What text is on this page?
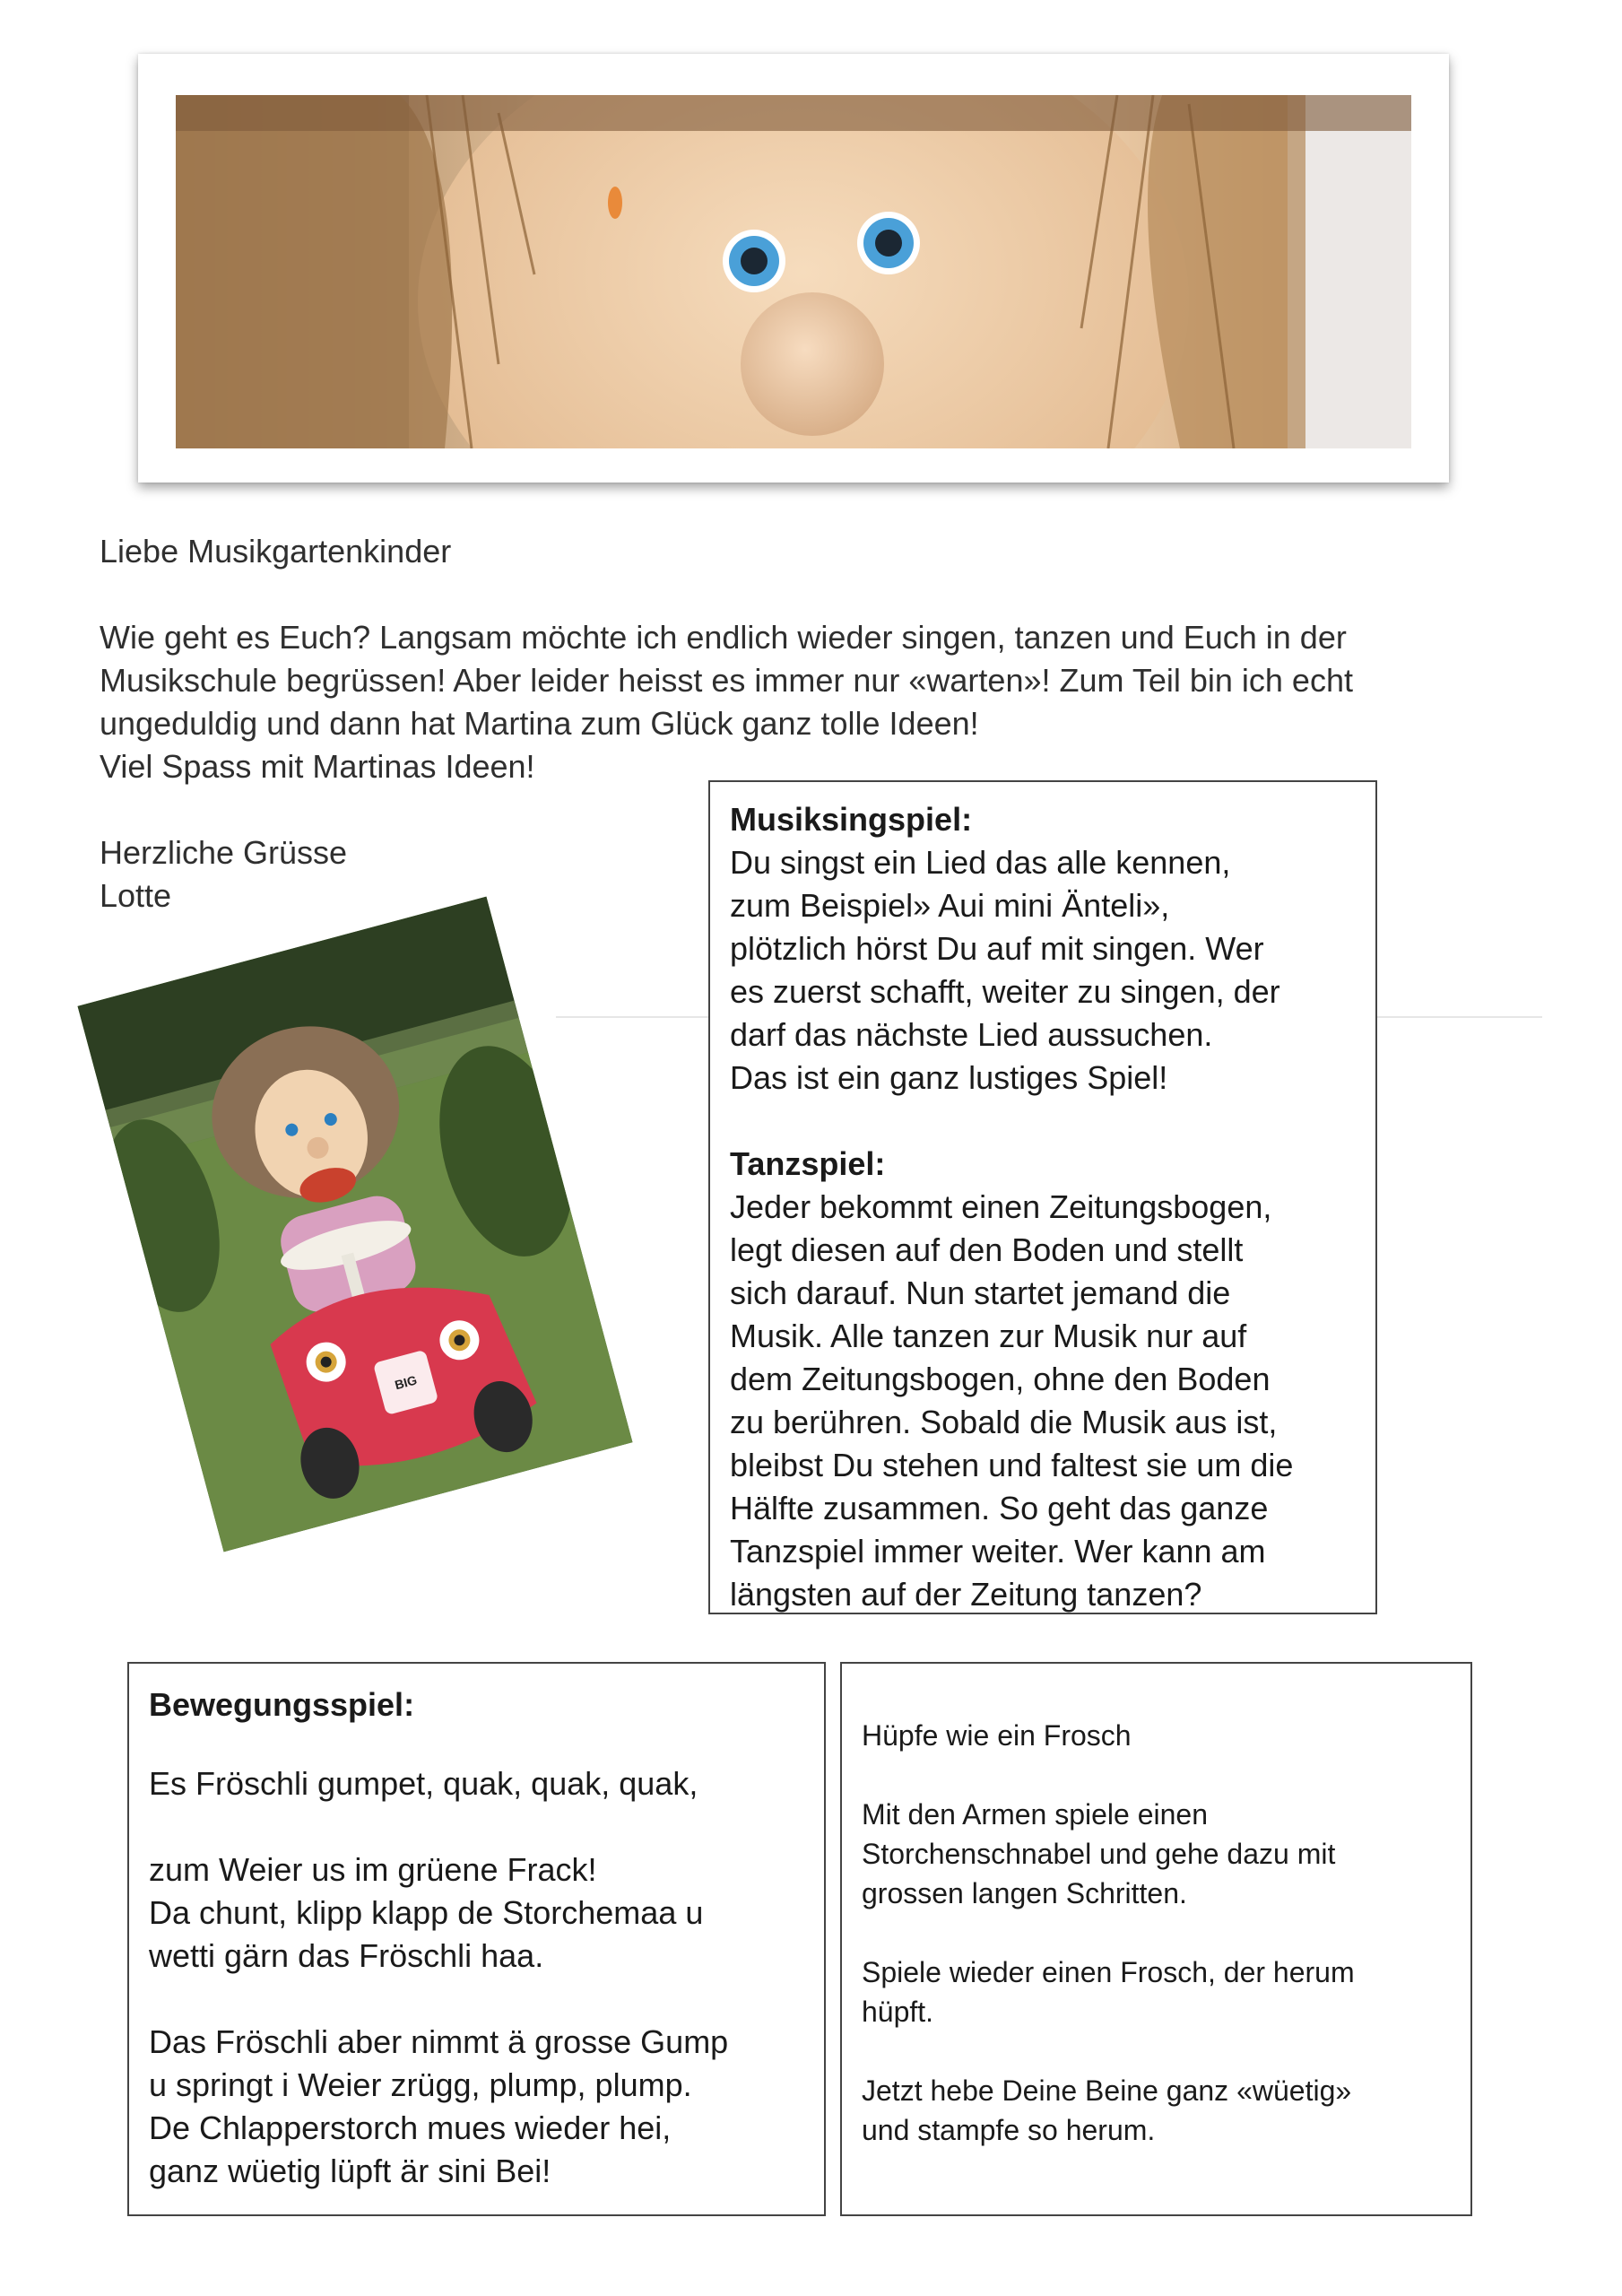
Liebe Musikgartenkinder

Wie geht es Euch? Langsam möchte ich endlich wieder singen, tanzen und Euch in der

Musikschule begrüssen! Aber leider heisst es immer nur «warten»! Zum Teil bin ich echt

ungeduldig und dann hat Martina zum Glück ganz tolle Ideen!

Viel Spass mit Martinas Ideen!

Herzliche Grüsse

Lotte

BIG
Musiksingspiel:

Du singst ein Lied das alle kennen,

zum Beispiel» Aui mini Änteli»,

plötzlich hörst Du auf mit singen. Wer

es zuerst schafft, weiter zu singen, der

darf das nächste Lied aussuchen.

Das ist ein ganz lustiges Spiel!

Tanzspiel:

Jeder bekommt einen Zeitungsbogen,

legt diesen auf den Boden und stellt

sich darauf. Nun startet jemand die

Musik. Alle tanzen zur Musik nur auf

dem Zeitungsbogen, ohne den Boden

zu berühren. Sobald die Musik aus ist,

bleibst Du stehen und faltest sie um die

Hälfte zusammen. So geht das ganze

Tanzspiel immer weiter. Wer kann am

längsten auf der Zeitung tanzen?

Bewegungsspiel:

Es Fröschli gumpet, quak, quak, quak,

zum Weier us im grüene Frack!

Da chunt, klipp klapp de Storchemaa u

wetti gärn das Fröschli haa.

Das Fröschli aber nimmt ä grosse Gump

u springt i Weier zrügg, plump, plump.

De Chlapperstorch mues wieder hei,

ganz wüetig lüpft är sini Bei!

Hüpfe wie ein Frosch

Mit den Armen spiele einen
Storchenschnabel und gehe dazu mit
grossen langen Schritten.

Spiele wieder einen Frosch, der herum
hüpft.

Jetzt hebe Deine Beine ganz «wüetig»
und stampfe so herum.
